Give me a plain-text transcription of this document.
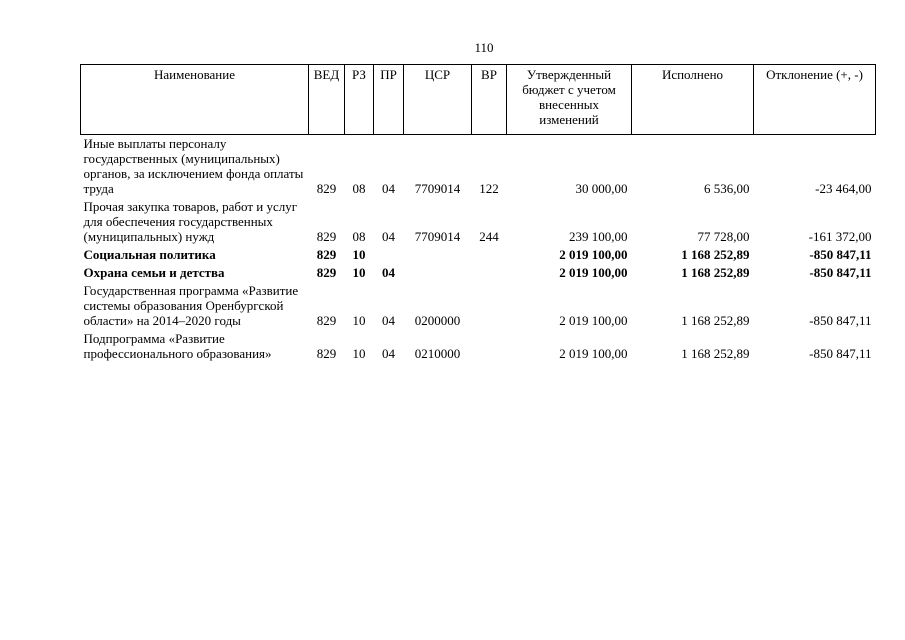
110
Наименование	ВЕД	РЗ	ПР	ЦСР	ВР	Утвержденный бюджет с учетом внесенных изменений	Исполнено	Отклонение (+, -)
Иные выплаты персоналу государственных (муниципальных) органов, за исключением фонда оплаты труда	829	08	04	7709014	122	30 000,00	6 536,00	-23 464,00
Прочая закупка товаров, работ и услуг для обеспечения государственных (муниципальных) нужд	829	08	04	7709014	244	239 100,00	77 728,00	-161 372,00
Социальная политика	829	10				2 019 100,00	1 168 252,89	-850 847,11
Охрана семьи и детства	829	10	04			2 019 100,00	1 168 252,89	-850 847,11
Государственная программа «Развитие системы образования Оренбургской области» на 2014–2020 годы	829	10	04	0200000		2 019 100,00	1 168 252,89	-850 847,11
Подпрограмма «Развитие профессионального образования»	829	10	04	0210000		2 019 100,00	1 168 252,89	-850 847,11
